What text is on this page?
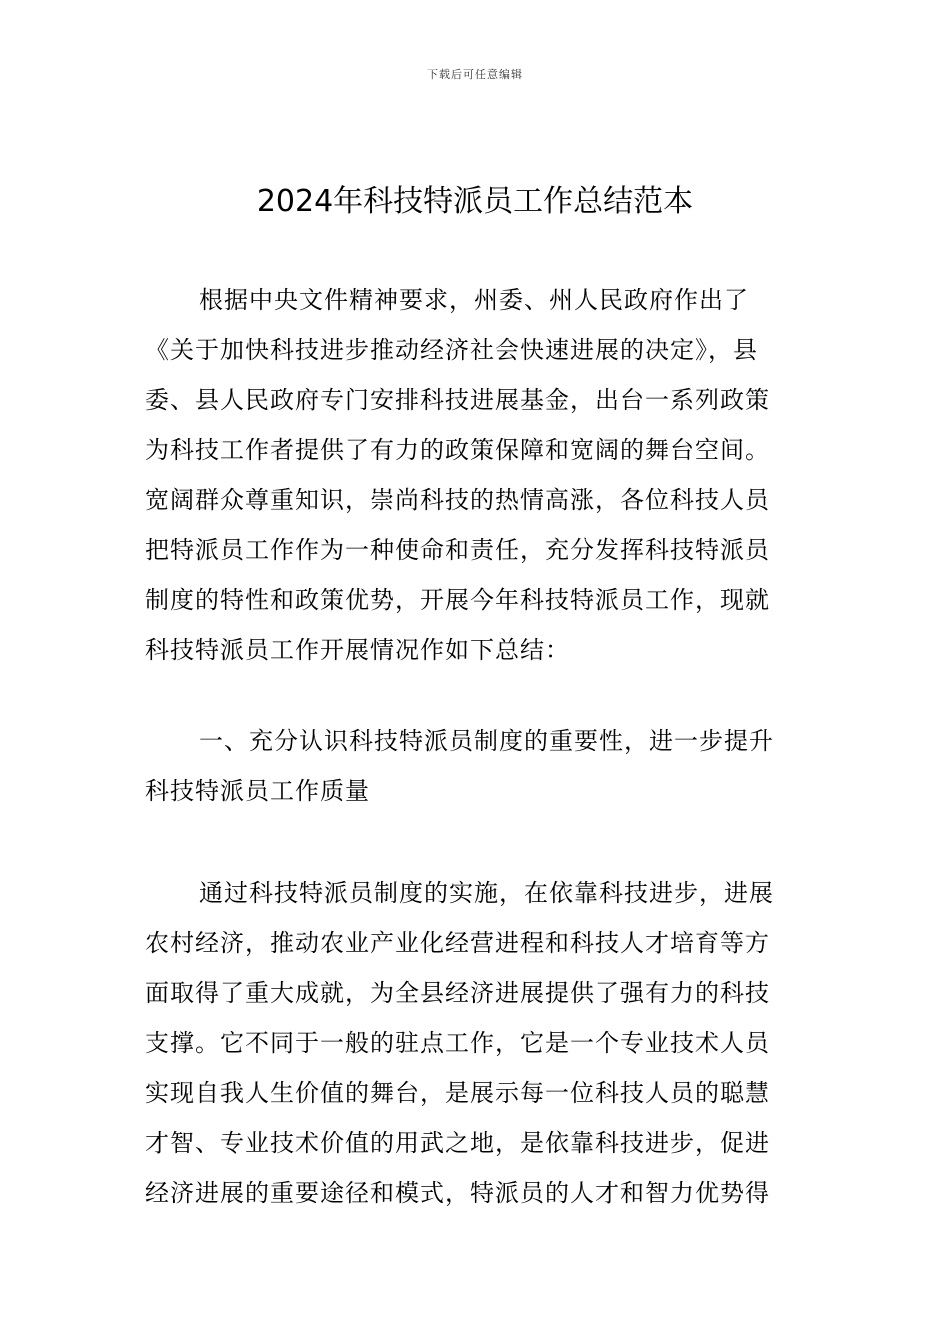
下载后可任意编辑
2024年科技特派员工作总结范本
根据中央文件精神要求，州委、州人民政府作出了
《关于加快科技进步推动经济社会快速进展的决定》，县
委、县人民政府专门安排科技进展基金，出台一系列政策
为科技工作者提供了有力的政策保障和宽阔的舞台空间。
宽阔群众尊重知识，崇尚科技的热情高涨，各位科技人员
把特派员工作作为一种使命和责任，充分发挥科技特派员
制度的特性和政策优势，开展今年科技特派员工作，现就
科技特派员工作开展情况作如下总结：
一、充分认识科技特派员制度的重要性，进一步提升
科技特派员工作质量
通过科技特派员制度的实施，在依靠科技进步，进展
农村经济，推动农业产业化经营进程和科技人才培育等方
面取得了重大成就，为全县经济进展提供了强有力的科技
支撑。它不同于一般的驻点工作，它是一个专业技术人员
实现自我人生价值的舞台，是展示每一位科技人员的聪慧
才智、专业技术价值的用武之地，是依靠科技进步，促进
经济进展的重要途径和模式，特派员的人才和智力优势得
